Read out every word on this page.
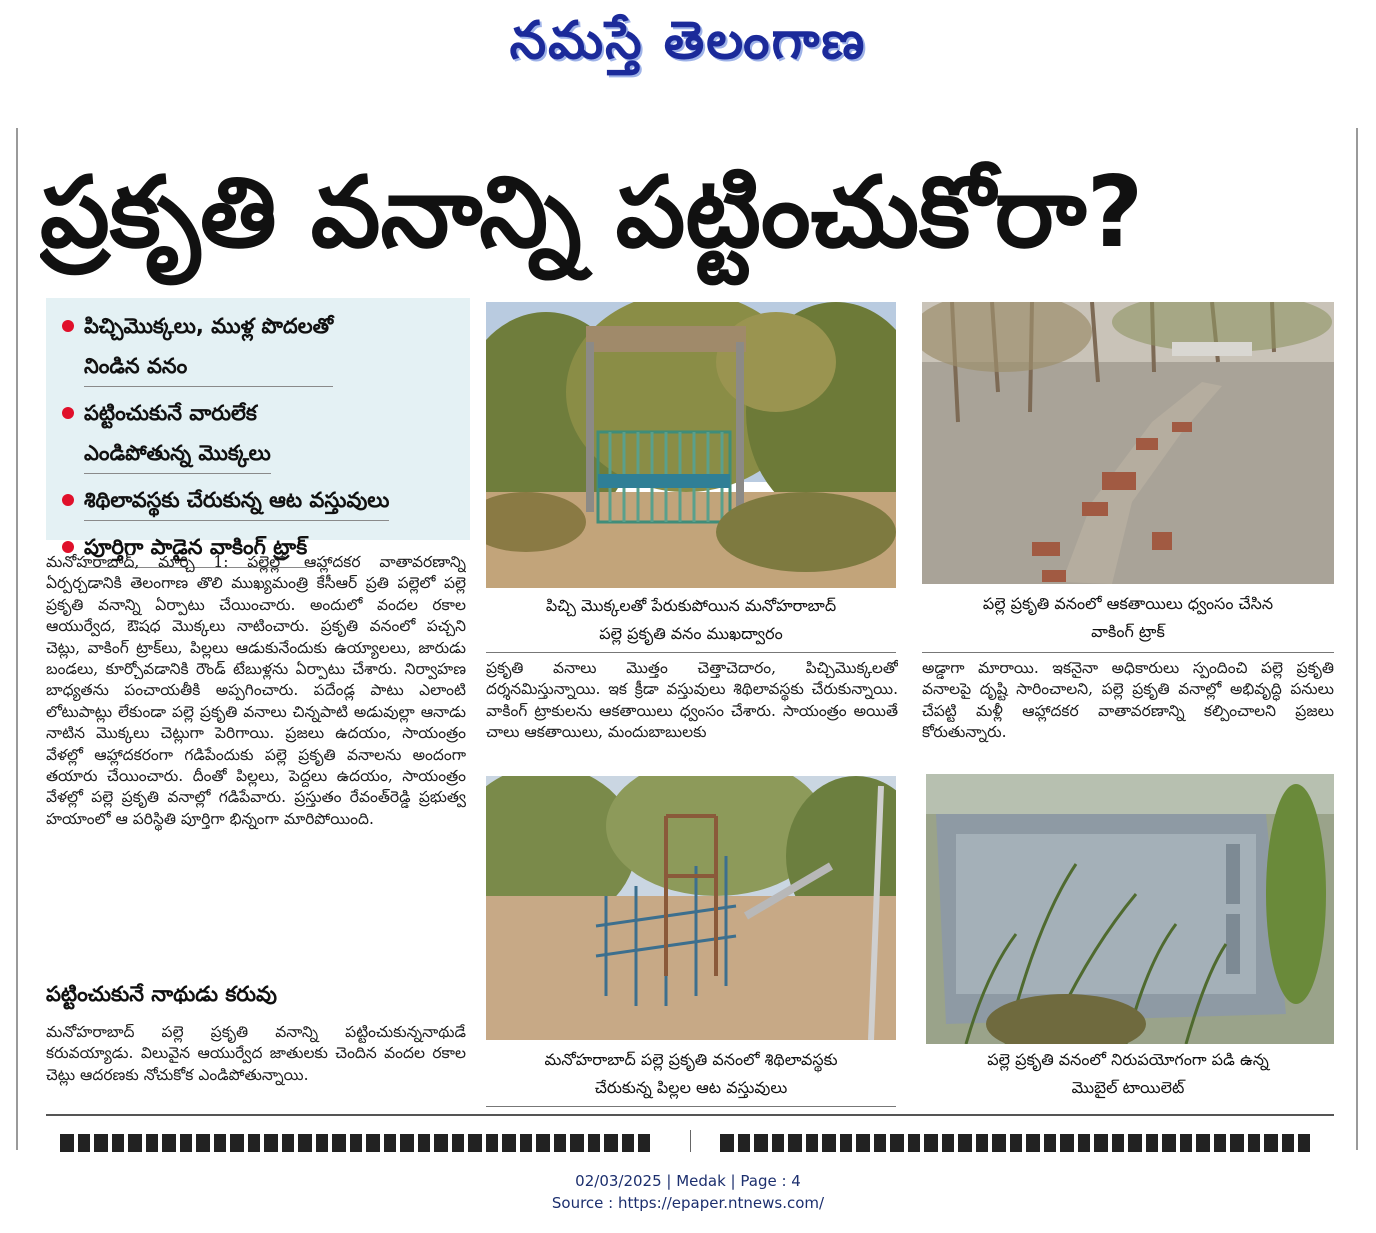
నమస్తే తెలంగాణ
ప్రకృతి వనాన్ని పట్టించుకోరా?
పిచ్చిమొక్కలు, ముళ్ల పొదలతో
నిండిన వనం
పట్టించుకునే వారులేక
ఎండిపోతున్న మొక్కలు
శిథిలావస్థకు చేరుకున్న ఆట వస్తువులు
పూర్తిగా పాడైన వాకింగ్ ట్రాక్

మనోహరాబాద్, మార్చి 1: పల్లెల్లో ఆహ్లాదకర వాతావరణాన్ని ఏర్పర్చడానికి తెలంగాణ తొలి ముఖ్యమంత్రి కేసీఆర్ ప్రతి పల్లెలో పల్లె ప్రకృతి వనాన్ని ఏర్పాటు చేయించారు. అందులో వందల రకాల ఆయుర్వేద, ఔషధ మొక్కలు నాటించారు. ప్రకృతి వనంలో పచ్చని చెట్లు, వాకింగ్ ట్రాక్‌లు, పిల్లలు ఆడుకునేందుకు ఉయ్యాలలు, జారుడు బండలు, కూర్చోవడానికి రౌండ్ టేబుళ్లను ఏర్పాటు చేశారు. నిర్వాహణ బాధ్యతను పంచాయతీకి అప్పగించారు. పదేండ్ల పాటు ఎలాంటి లోటుపాట్లు లేకుండా పల్లె ప్రకృతి వనాలు చిన్నపాటి అడువుల్లా ఆనాడు నాటిన మొక్కలు చెట్లుగా పెరిగాయి. ప్రజలు ఉదయం, సాయంత్రం వేళల్లో ఆహ్లాదకరంగా గడిపేందుకు పల్లె ప్రకృతి వనాలను అందంగా తయారు చేయించారు. దీంతో పిల్లలు, పెద్దలు ఉదయం, సాయంత్రం వేళల్లో పల్లె ప్రకృతి వనాల్లో గడిపేవారు. ప్రస్తుతం రేవంత్‌రెడ్డి ప్రభుత్వ హయాంలో ఆ పరిస్థితి పూర్తిగా భిన్నంగా మారిపోయింది.

పట్టించుకునే నాథుడు కరువు

మనోహరాబాద్ పల్లె ప్రకృతి వనాన్ని పట్టించుకున్ననాథుడే కరువయ్యాడు. విలువైన ఆయుర్వేద జాతులకు చెందిన వందల రకాల చెట్లు ఆదరణకు నోచుకోక ఎండిపోతున్నాయి.

ప్రకృతి వనాలు మొత్తం చెత్తాచెదారం, పిచ్చిమొక్కలతో దర్శనమిస్తున్నాయి. ఇక క్రీడా వస్తువులు శిథిలావస్థకు చేరుకున్నాయి. వాకింగ్ ట్రాకులను ఆకతాయిలు ధ్వంసం చేశారు. సాయంత్రం అయితే చాలు ఆకతాయిలు, మందుబాబులకు

అడ్డాగా మారాయి. ఇకనైనా అధికారులు స్పందించి పల్లె ప్రకృతి వనాలపై దృష్టి సారించాలని, పల్లె ప్రకృతి వనాల్లో అభివృద్ధి పనులు చేపట్టి మళ్లీ ఆహ్లాదకర వాతావరణాన్ని కల్పించాలని ప్రజలు కోరుతున్నారు.

పిచ్చి మొక్కలతో పేరుకుపోయిన మనోహరాబాద్
పల్లె ప్రకృతి వనం ముఖద్వారం
పల్లె ప్రకృతి వనంలో ఆకతాయిలు ధ్వంసం చేసిన
వాకింగ్ ట్రాక్
మనోహరాబాద్ పల్లె ప్రకృతి వనంలో శిథిలావస్థకు
చేరుకున్న పిల్లల ఆట వస్తువులు
పల్లె ప్రకృతి వనంలో నిరుపయోగంగా పడి ఉన్న
మొబైల్ టాయిలెట్
02/03/2025 | Medak | Page : 4
Source : https://epaper.ntnews.com/
